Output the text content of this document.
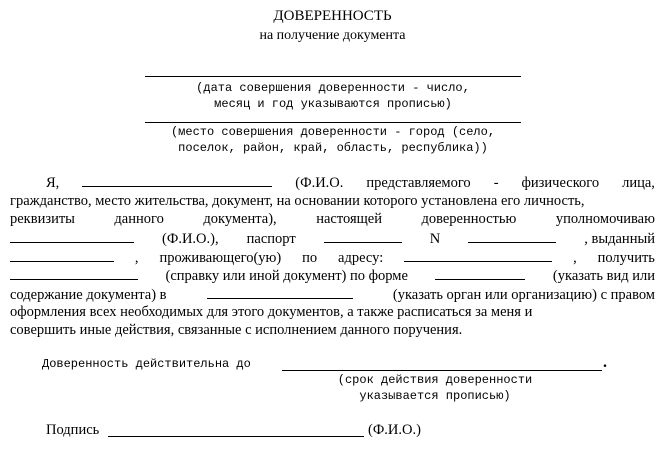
ДОВЕРЕННОСТЬ
на получение документа
(дата совершения доверенности - число,
месяц и год указываются прописью)
(место совершения доверенности - город (село,
поселок, район, край, область, республика))
Я,	(Ф.И.О. представляемого - физического лица,
гражданство, место жительства, документ, на основании которого установлена его личность,
реквизиты	данного	документа),	настоящей	доверенностью	уполномочиваю
(Ф.И.О.), паспорт	N	, выданный
, проживающего(ую) по адресу:	, получить
(справку или иной документ) по форме	(указать вид или
содержание документа) в	(указать орган или организацию) с правом
оформления всех необходимых для этого документов, а также расписаться за меня и
совершить иные действия, связанные с исполнением данного поручения.
Доверенность действительна до	.
(срок действия доверенности
указывается прописью)
Подпись	(Ф.И.О.)
